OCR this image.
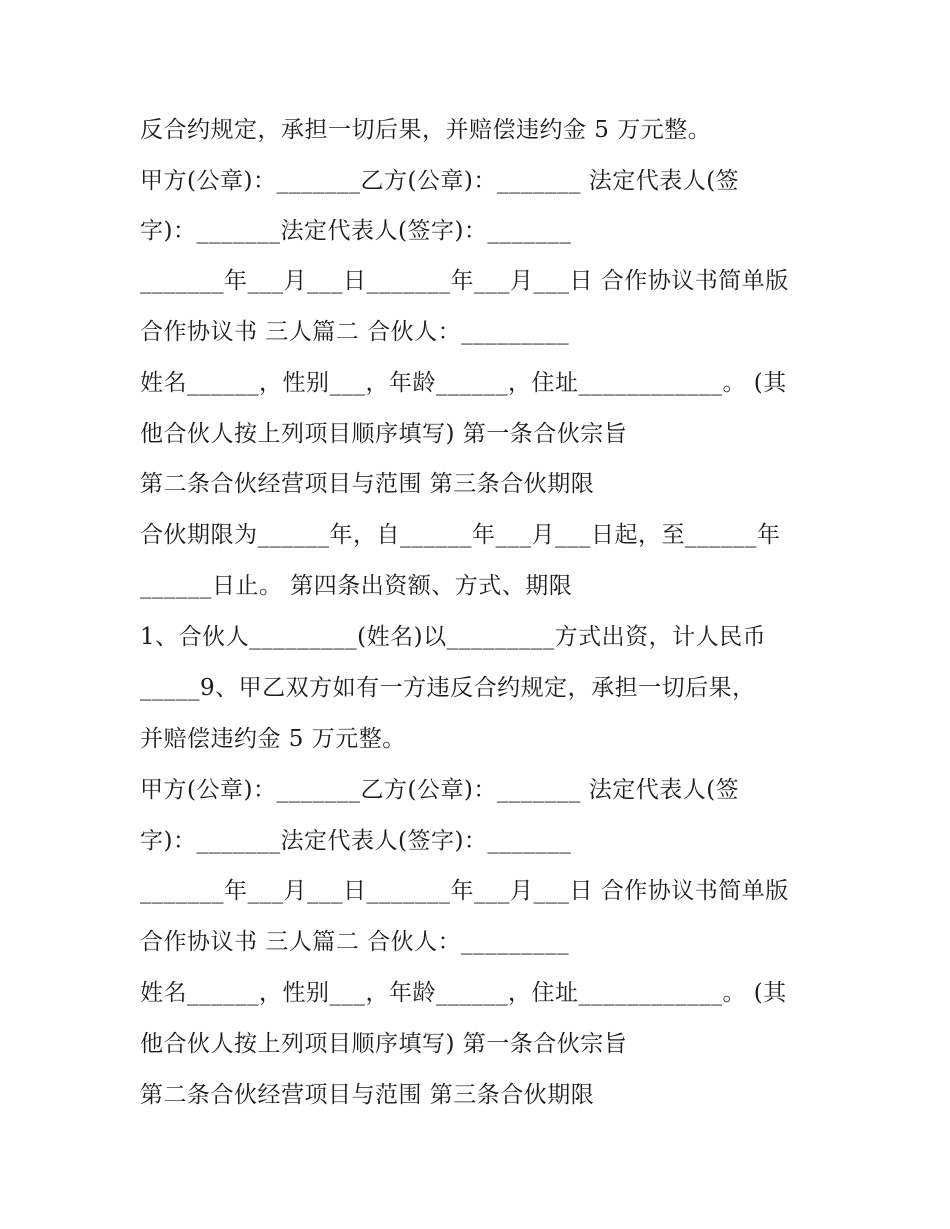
反合约规定，承担一切后果，并赔偿违约金 5 万元整。
甲方(公章)：_______乙方(公章)：_______ 法定代表人(签
字)：_______法定代表人(签字)：_______
_______年___月___日_______年___月___日 合作协议书简单版
合作协议书 三人篇二 合伙人：_________
姓名______，性别___，年龄______，住址____________。 (其
他合伙人按上列项目顺序填写) 第一条合伙宗旨
第二条合伙经营项目与范围 第三条合伙期限
合伙期限为______年，自______年___月___日起，至______年
______日止。 第四条出资额、方式、期限
1、合伙人_________(姓名)以_________方式出资，计人民币
_____9、甲乙双方如有一方违反合约规定，承担一切后果，
并赔偿违约金 5 万元整。
甲方(公章)：_______乙方(公章)：_______ 法定代表人(签
字)：_______法定代表人(签字)：_______
_______年___月___日_______年___月___日 合作协议书简单版
合作协议书 三人篇二 合伙人：_________
姓名______，性别___，年龄______，住址____________。 (其
他合伙人按上列项目顺序填写) 第一条合伙宗旨
第二条合伙经营项目与范围 第三条合伙期限
